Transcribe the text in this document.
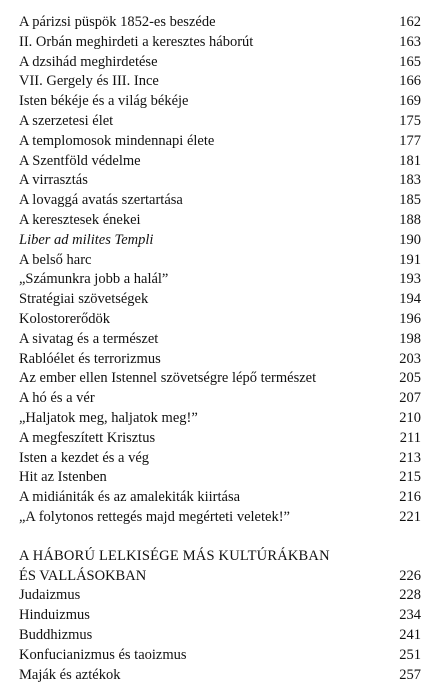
A párizsi püspök 1852-es beszéde	162
II. Orbán meghirdeti a keresztes háborút	163
A dzsihád meghirdetése	165
VII. Gergely és III. Ince	166
Isten békéje és a világ békéje	169
A szerzetesi élet	175
A templomosok mindennapi élete	177
A Szentföld védelme	181
A virrasztás	183
A lovaggá avatás szertartása	185
A keresztesek énekei	188
Liber ad milites Templi	190
A belső harc	191
„Számunkra jobb a halál”	193
Stratégiai szövetségek	194
Kolostorerődök	196
A sivatag és a természet	198
Rablóélet és terrorizmus	203
Az ember ellen Istennel szövetségre lépő természet	205
A hó és a vér	207
„Haljatok meg, haljatok meg!”	210
A megfeszített Krisztus	211
Isten a kezdet és a vég	213
Hit az Istenben	215
A midiániták és az amalekiták kiirtása	216
„A folytonos rettegés majd megérteti veletek!”	221
A HÁBORÚ LELKISÉGE MÁS KULTÚRÁKBAN
ÉS VALLÁSOKBAN	226
Judaizmus	228
Hinduizmus	234
Buddhizmus	241
Konfucianizmus és taoizmus	251
Maják és aztékok	257
